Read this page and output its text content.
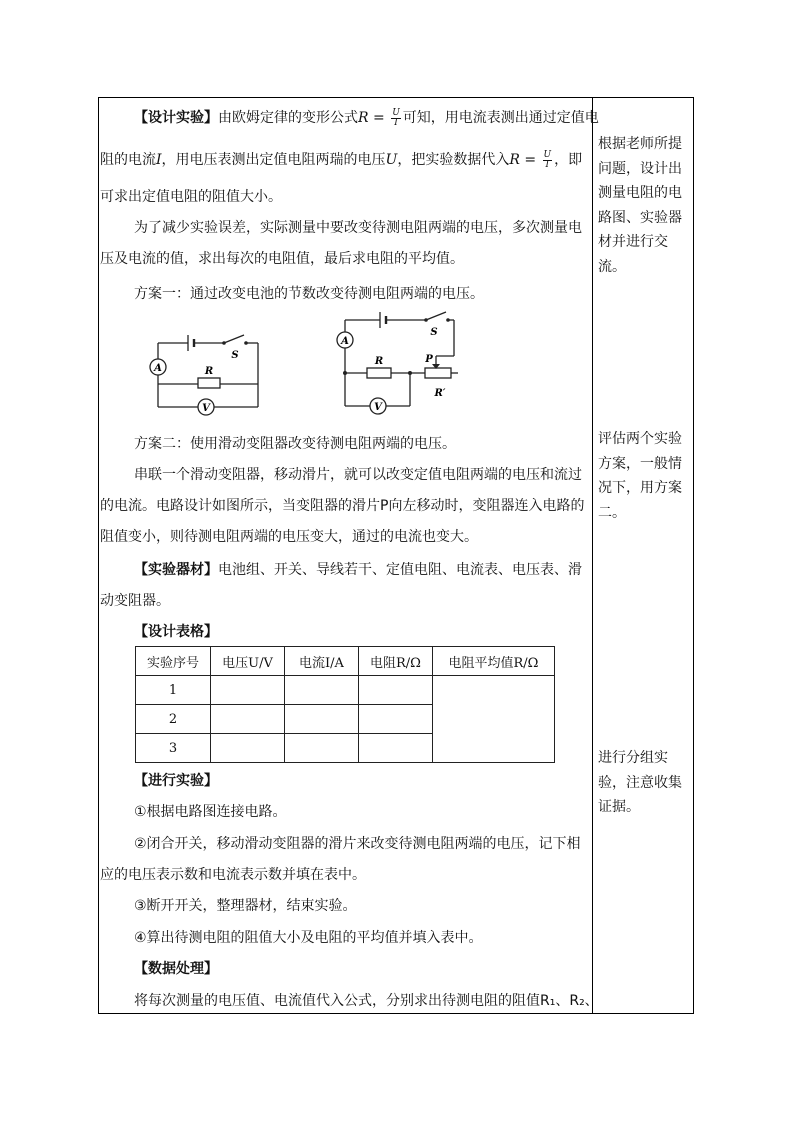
【设计实验】由欧姆定律的变形公式$R = \frac{U}{I}$ 可知，用电流表测出通过定值电
阻的电流I，用电压表测出定值电阻两瑞的电压U，把实验数据代入$R = \frac{U}{I}$ ，即
可求出定值电阻的阻值大小。
为了减少实验误差，实际测量中要改变待测电阻两端的电压，多次测量电
压及电流的值，求出每次的电阻值，最后求电阻的平均值。
方案一：通过改变电池的节数改变待测电阻两端的电压。
A
V
S
R
A
V
S
R	P
R′
方案二：使用滑动变阻器改变待测电阻两端的电压。
串联一个滑动变阻器，移动滑片，就可以改变定值电阻两端的电压和流过
的电流。电路设计如图所示，当变阻器的滑片P向左移动时，变阻器连入电路的
阻值变小，则待测电阻两端的电压变大，通过的电流也变大。
【实验器材】电池组、开关、导线若干、定值电阻、电流表、电压表、滑
动变阻器。
【设计表格】
实验序号	电压U/V	电流I/A	电阻R/Ω	电阻平均值R/Ω
1				
2				
3				
【进行实验】
①根据电路图连接电路。
②闭合开关，移动滑动变阻器的滑片来改变待测电阻两端的电压，记下相
应的电压表示数和电流表示数并填在表中。
③断开开关，整理器材，结束实验。
④算出待测电阻的阻值大小及电阻的平均值并填入表中。
【数据处理】
将每次测量的电压值、电流值代入公式，分别求出待测电阻的阻值R₁、R₂、
根据老师所提问题，设计出测量电阻的电路图、实验器材并进行交流。
评估两个实验方案，一般情况下，用方案二。
进行分组实验，注意收集证据。
